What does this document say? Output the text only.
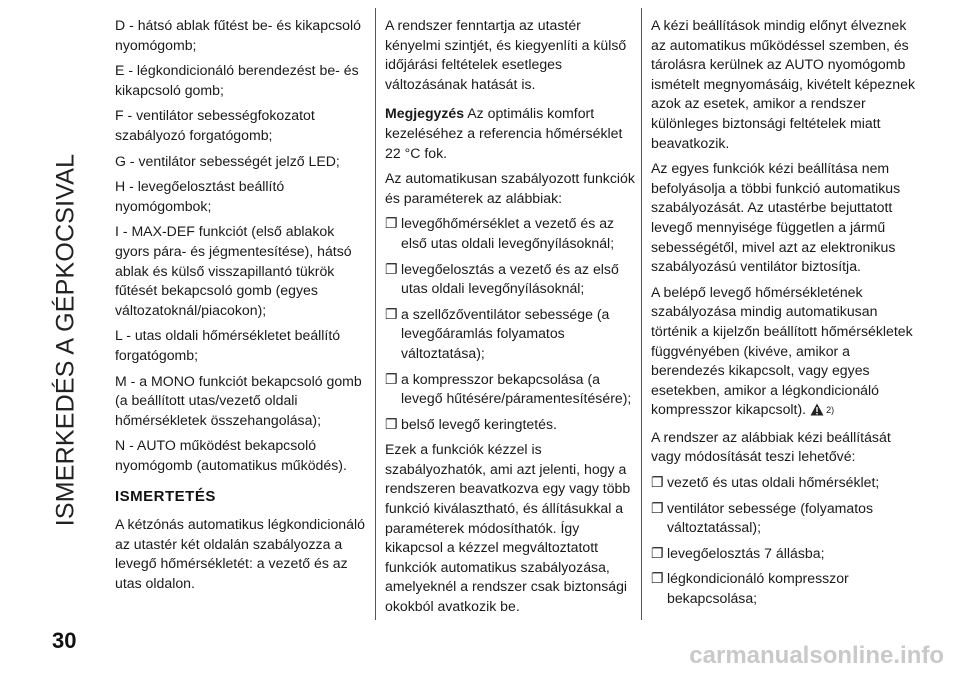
ISMERKEDÉS A GÉPKOCSIVAL
30

D - hátsó ablak fűtést be- és kikapcsoló nyomógomb;

E - légkondicionáló berendezést be- és kikapcsoló gomb;

F - ventilátor sebességfokozatot szabályozó forgatógomb;

G - ventilátor sebességét jelző LED;

H - levegőelosztást beállító nyomógombok;

I - MAX-DEF funkciót (első ablakok gyors pára- és jégmentesítése), hátsó ablak és külső visszapillantó tükrök fűtését bekapcsoló gomb (egyes változatoknál/piacokon);

L - utas oldali hőmérsékletet beállító forgatógomb;

M - a MONO funkciót bekapcsoló gomb (a beállított utas/vezető oldali hőmérsékletek összehangolása);

N - AUTO működést bekapcsoló nyomógomb (automatikus működés).

ISMERTETÉS

A kétzónás automatikus légkondicionáló az utastér két oldalán szabályozza a levegő hőmérsékletét: a vezető és az utas oldalon.

A rendszer fenntartja az utastér kényelmi szintjét, és kiegyenlíti a külső időjárási feltételek esetleges változásának hatását is.

Megjegyzés Az optimális komfort kezeléséhez a referencia hőmérséklet 22 °C fok.

Az automatikusan szabályozott funkciók és paraméterek az alábbiak:

❐ levegőhőmérséklet a vezető és az első utas oldali levegőnyílásoknál;

❐ levegőelosztás a vezető és az első utas oldali levegőnyílásoknál;

❐ a szellőzőventilátor sebessége (a levegőáramlás folyamatos változtatása);

❐ a kompresszor bekapcsolása (a levegő hűtésére/páramentesítésére);

❐ belső levegő keringtetés.

Ezek a funkciók kézzel is szabályozhatók, ami azt jelenti, hogy a rendszeren beavatkozva egy vagy több funkció kiválasztható, és állításukkal a paraméterek módosíthatók. Így kikapcsol a kézzel megváltoztatott funkciók automatikus szabályozása, amelyeknél a rendszer csak biztonsági okokból avatkozik be.

A kézi beállítások mindig előnyt élveznek az automatikus működéssel szemben, és tárolásra kerülnek az AUTO nyomógomb ismételt megnyomásáig, kivételt képeznek azok az esetek, amikor a rendszer különleges biztonsági feltételek miatt beavatkozik.

Az egyes funkciók kézi beállítása nem befolyásolja a többi funkció automatikus szabályozását. Az utastérbe bejuttatott levegő mennyisége független a jármű sebességétől, mivel azt az elektronikus szabályozású ventilátor biztosítja.

A belépő levegő hőmérsékletének szabályozása mindig automatikusan történik a kijelzőn beállított hőmérsékletek függvényében (kivéve, amikor a berendezés kikapcsolt, vagy egyes esetekben, amikor a légkondicionáló kompresszor kikapcsolt). 2)

A rendszer az alábbiak kézi beállítását vagy módosítását teszi lehetővé:

❐ vezető és utas oldali hőmérséklet;

❐ ventilátor sebessége (folyamatos változtatással);

❐ levegőelosztás 7 állásba;

❐ légkondicionáló kompresszor bekapcsolása;

carmanualsonline.info
